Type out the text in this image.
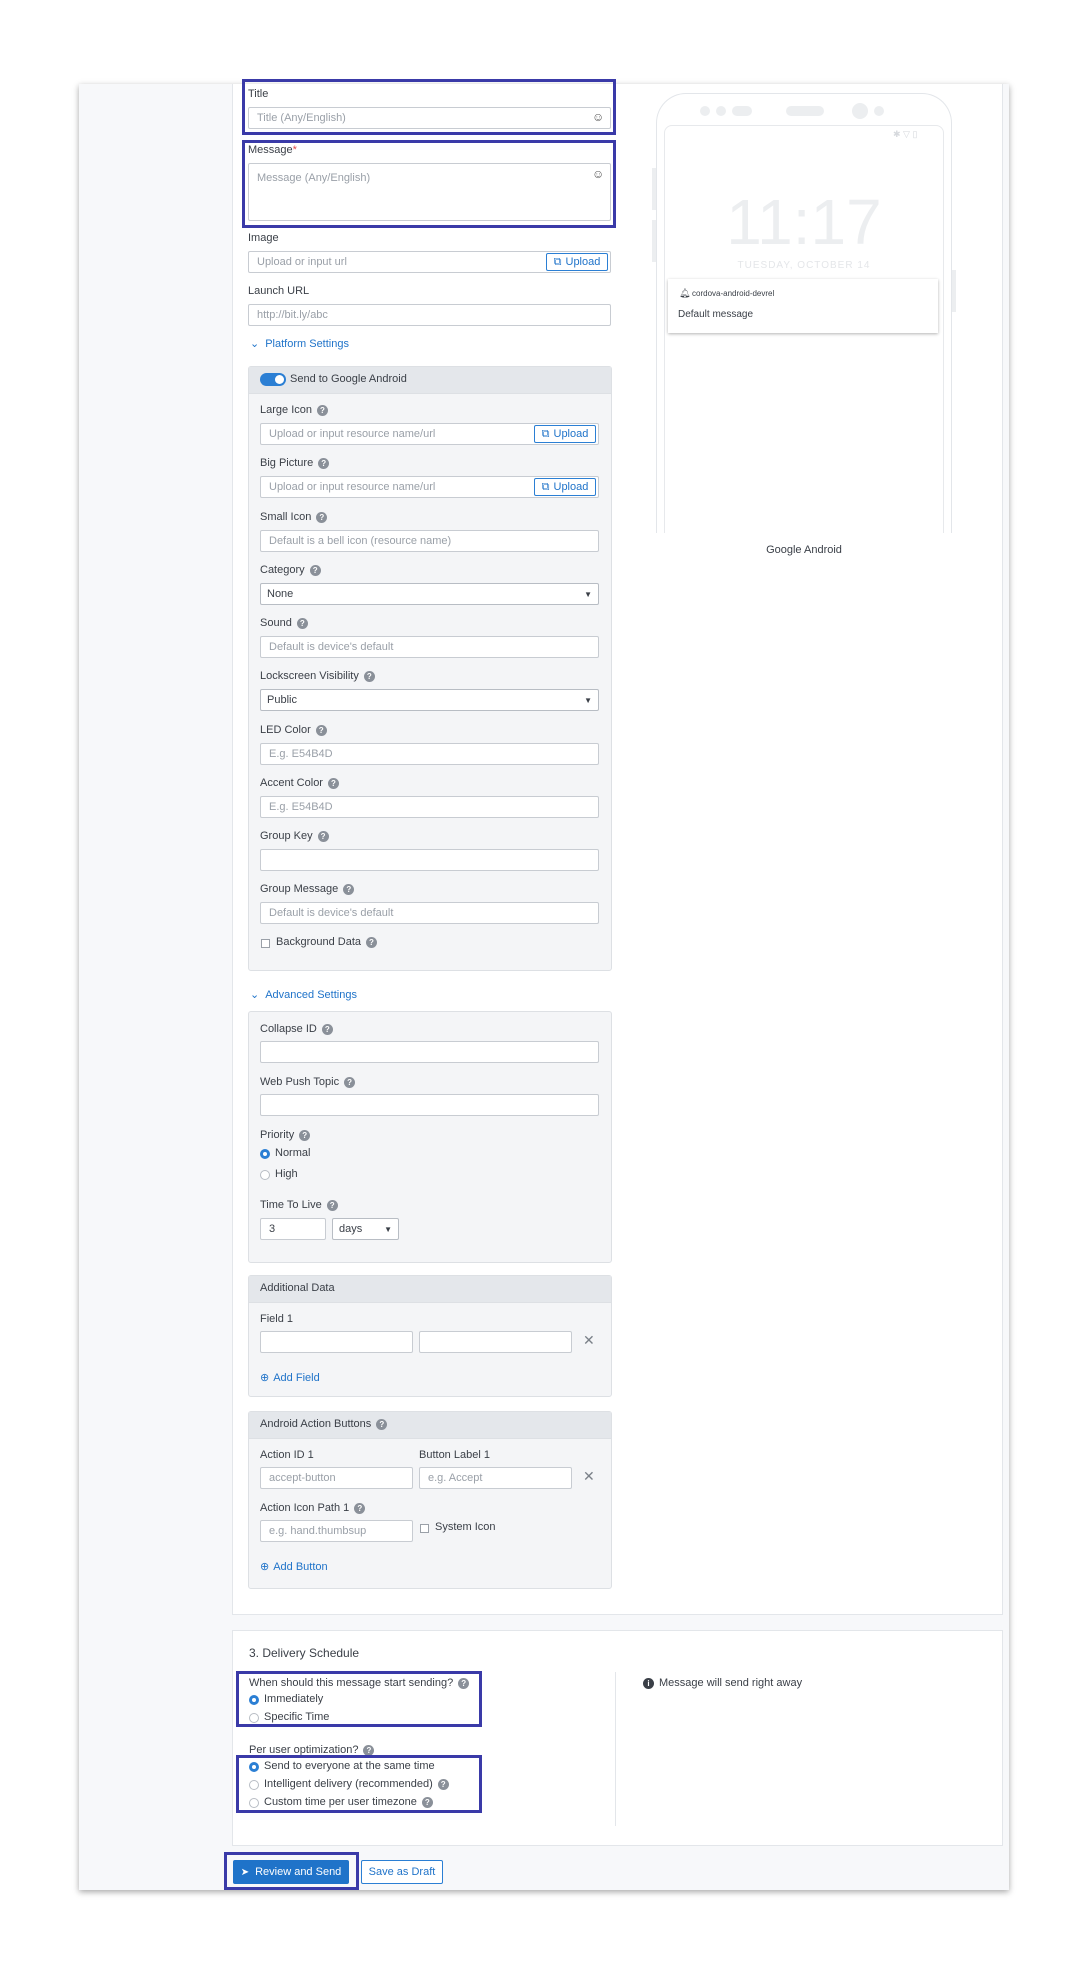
Title
Title (Any/English)	☺
Message*
Message (Any/English)	☺
Image
Upload or input url	⧉ Upload
Launch URL
http://bit.ly/abc
⌄ Platform Settings
Send to Google Android
Large Icon ?
Upload or input resource name/url	⧉ Upload
Big Picture ?
Upload or input resource name/url	⧉ Upload
Small Icon ?
Default is a bell icon (resource name)
Category ?
None	▼
Sound ?
Default is device's default
Lockscreen Visibility ?
Public	▼
LED Color ?
E.g. E54B4D
Accent Color ?
E.g. E54B4D
Group Key ?
Group Message ?
Default is device's default
Background Data ?
⌄ Advanced Settings
Collapse ID ?
Web Push Topic ?
Priority ?
Normal
High
Time To Live ?
3	days	▼
Additional Data
Field 1
✕
⊕ Add Field
Android Action Buttons ?
Action ID 1	Button Label 1
accept-button	e.g. Accept	✕
Action Icon Path 1 ?
e.g. hand.thumbsup	System Icon
⊕ Add Button
✱ ▽ ▯
11:17
TUESDAY, OCTOBER 14
🔔︎ cordova-android-devrel
Default message
Google Android
3. Delivery Schedule
When should this message start sending? ?
Immediately
Specific Time
Per user optimization? ?
Send to everyone at the same time
Intelligent delivery (recommended) ?
Custom time per user timezone ?
i Message will send right away
➤ Review and Send Save as Draft
